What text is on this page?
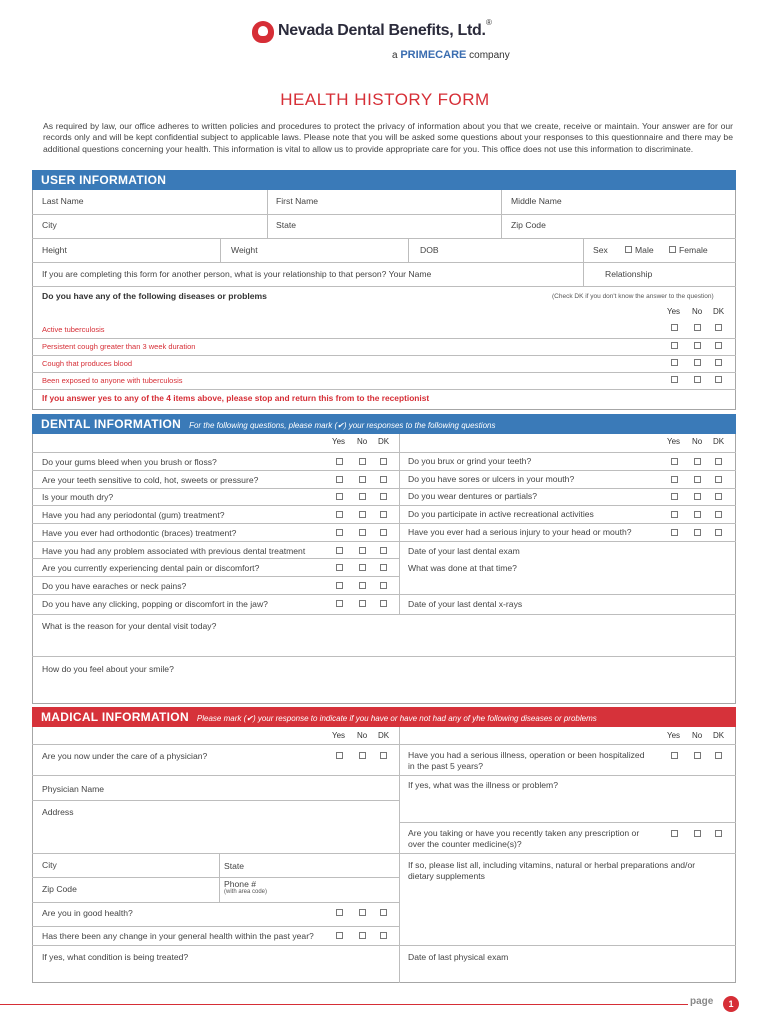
Nevada Dental Benefits, Ltd. ®
a PRIMECARE company
HEALTH HISTORY FORM
As required by law, our office adheres to written policies and procedures to protect the privacy of information about you that we create, receive or maintain. Your answer are for our records only and will be kept confidential subject to applicable laws. Please note that you will be asked some questions about your responses to this questionnaire and there may be additional questions concerning your health. This information is vital to allow us to provide appropriate care for you. This office does not use this information to discriminate.
USER INFORMATION
Last Name	First Name	Middle Name
City	State	Zip Code
Height	Weight	DOB	Sex	Male	Female
If you are completing this form for another person, what is your relationship to that person? Your Name	Relationship
Do you have any of the following diseases or problems	(Check DK if you don't know the answer to the question)
Yes No DK
Active tuberculosis
Persistent cough greater than 3 week duration
Cough that produces blood
Been exposed to anyone with tuberculosis
If you answer yes to any of the 4 items above, please stop and return this from to the receptionist
DENTAL INFORMATION For the following questions, please mark (✔) your responses to the following questions
Yes No DK	Yes No DK
Do your gums bleed when you brush or floss?
Are your teeth sensitive to cold, hot, sweets or pressure?
Is your mouth dry?
Have you had any periodontal (gum) treatment?
Have you ever had orthodontic (braces) treatment?
Have you had any problem associated with previous dental treatment
Are you currently experiencing dental pain or discomfort?
Do you have earaches or neck pains?
Do you have any clicking, popping or discomfort in the jaw?
Do you brux or grind your teeth?
Do you have sores or ulcers in your mouth?
Do you wear dentures or partials?
Do you participate in active recreational activities
Have you ever had a serious injury to your head or mouth?
Date of your last dental exam
What was done at that time?
Date of your last dental x-rays
What is the reason for your dental visit today?
How do you feel about your smile?
MADICAL INFORMATION Please mark (✔) your response to indicate if you have or have not had any of yhe following diseases or problems
Yes No DK	Yes No DK
Are you now under the care of a physician?	Have you had a serious illness, operation or been hospitalized
in the past 5 years?
Physician Name	If yes, what was the illness or problem?
Address
Are you taking or have you recently taken any prescription or
over the counter medicine(s)?
City	State	If so, please list all, including vitamins, natural or herbal preparations and/or
dietary supplements
Zip Code	Phone #
(with area code)
Are you in good health?
Has there been any change in your general health within the past year?
If yes, what condition is being treated?	Date of last physical exam
page	1
